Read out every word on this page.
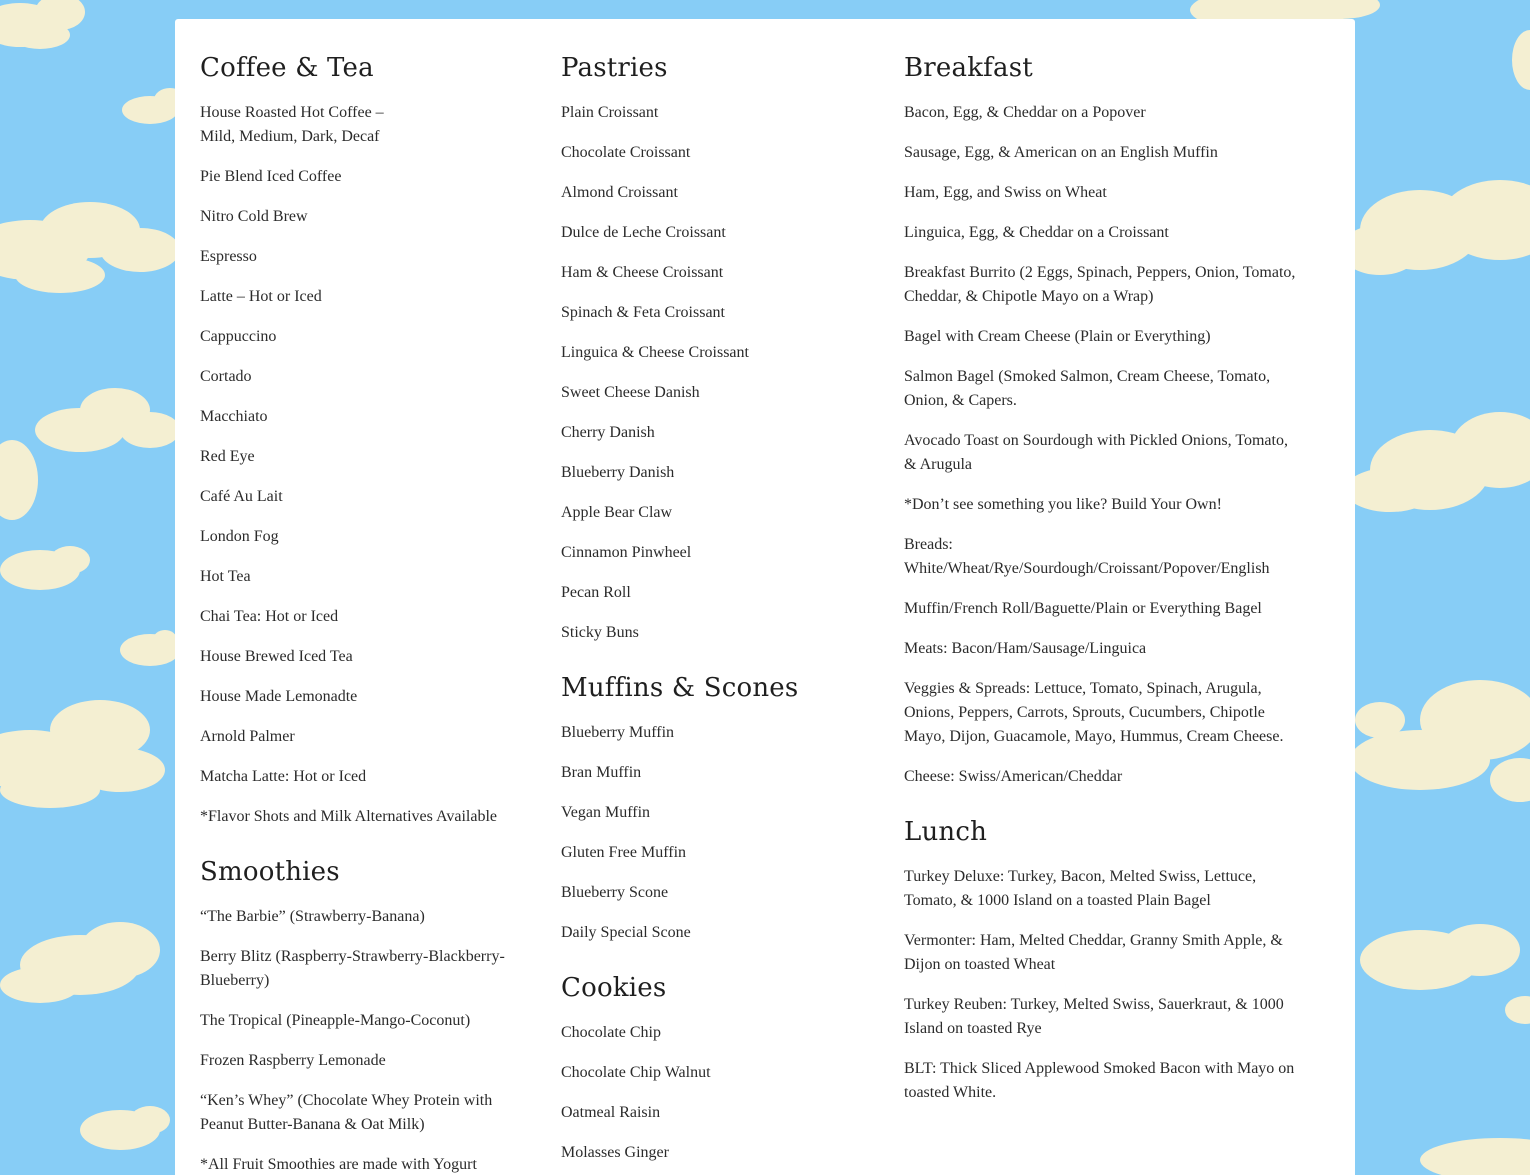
Coffee & Tea
House Roasted Hot Coffee –
Mild, Medium, Dark, Decaf
Pie Blend Iced Coffee
Nitro Cold Brew
Espresso
Latte – Hot or Iced
Cappuccino
Cortado
Macchiato
Red Eye
Café Au Lait
London Fog
Hot Tea
Chai Tea: Hot or Iced
House Brewed Iced Tea
House Made Lemonadte
Arnold Palmer
Matcha Latte: Hot or Iced
*Flavor Shots and Milk Alternatives Available
Smoothies
“The Barbie” (Strawberry-Banana)
Berry Blitz (Raspberry-Strawberry-Blackberry-Blueberry)
The Tropical (Pineapple-Mango-Coconut)
Frozen Raspberry Lemonade
“Ken’s Whey” (Chocolate Whey Protein with Peanut Butter-Banana & Oat Milk)
*All Fruit Smoothies are made with Yogurt
Pastries
Plain Croissant
Chocolate Croissant
Almond Croissant
Dulce de Leche Croissant
Ham & Cheese Croissant
Spinach & Feta Croissant
Linguica & Cheese Croissant
Sweet Cheese Danish
Cherry Danish
Blueberry Danish
Apple Bear Claw
Cinnamon Pinwheel
Pecan Roll
Sticky Buns
Muffins & Scones
Blueberry Muffin
Bran Muffin
Vegan Muffin
Gluten Free Muffin
Blueberry Scone
Daily Special Scone
Cookies
Chocolate Chip
Chocolate Chip Walnut
Oatmeal Raisin
Molasses Ginger
Breakfast
Bacon, Egg, & Cheddar on a Popover
Sausage, Egg, & American on an English Muffin
Ham, Egg, and Swiss on Wheat
Linguica, Egg, & Cheddar on a Croissant
Breakfast Burrito (2 Eggs, Spinach, Peppers, Onion, Tomato, Cheddar, & Chipotle Mayo on a Wrap)
Bagel with Cream Cheese (Plain or Everything)
Salmon Bagel (Smoked Salmon, Cream Cheese, Tomato, Onion, & Capers.
Avocado Toast on Sourdough with Pickled Onions, Tomato, & Arugula
*Don’t see something you like? Build Your Own!
Breads: White/Wheat/Rye/Sourdough/Croissant/Popover/English
Muffin/French Roll/Baguette/Plain or Everything Bagel
Meats: Bacon/Ham/Sausage/Linguica
Veggies & Spreads: Lettuce, Tomato, Spinach, Arugula, Onions, Peppers, Carrots, Sprouts, Cucumbers, Chipotle Mayo, Dijon, Guacamole, Mayo, Hummus, Cream Cheese.
Cheese: Swiss/American/Cheddar
Lunch
Turkey Deluxe: Turkey, Bacon, Melted Swiss, Lettuce, Tomato, & 1000 Island on a toasted Plain Bagel
Vermonter: Ham, Melted Cheddar, Granny Smith Apple, & Dijon on toasted Wheat
Turkey Reuben: Turkey, Melted Swiss, Sauerkraut, & 1000 Island on toasted Rye
BLT: Thick Sliced Applewood Smoked Bacon with Mayo on toasted White.
